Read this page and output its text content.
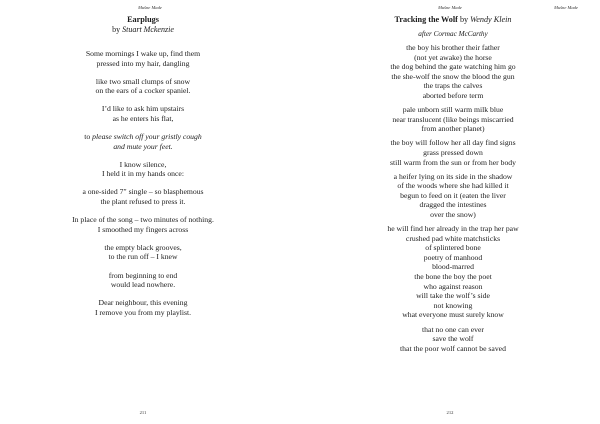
Mušne Made
Earplugs
by Stuart Mckenzie
Some mornings I wake up, find them
pressed into my hair, dangling
like two small clumps of snow
on the ears of a cocker spaniel.
I’d like to ask him upstairs
as he enters his flat,
to please switch off your gristly cough
and mute your feet.
I know silence,
I held it in my hands once:
a one-sided 7″ single – so blasphemous
the plant refused to press it.
In place of the song – two minutes of nothing.
I smoothed my fingers across
the empty black grooves,
to the run off – I knew
from beginning to end
would lead nowhere.
Dear neighbour, this evening
I remove you from my playlist.
211
Mušne Made	Mušne Made
Tracking the Wolf by Wendy Klein
after Cormac McCarthy
the boy his brother their father
(not yet awake) the horse
the dog behind the gate watching him go
the she-wolf the snow the blood the gun
the traps the calves
aborted before term
pale unborn still warm milk blue
near translucent (like beings miscarried
from another planet)
the boy will follow her all day find signs
grass pressed down
still warm from the sun or from her body
a heifer lying on its side in the shadow
of the woods where she had killed it
begun to feed on it (eaten the liver
dragged the intestines
over the snow)
he will find her already in the trap her paw
crushed pad white matchsticks
of splintered bone
poetry of manhood
blood-marred
the bone the boy the poet
who against reason
will take the wolf’s side
not knowing
what everyone must surely know
that no one can ever
save the wolf
that the poor wolf cannot be saved
212
